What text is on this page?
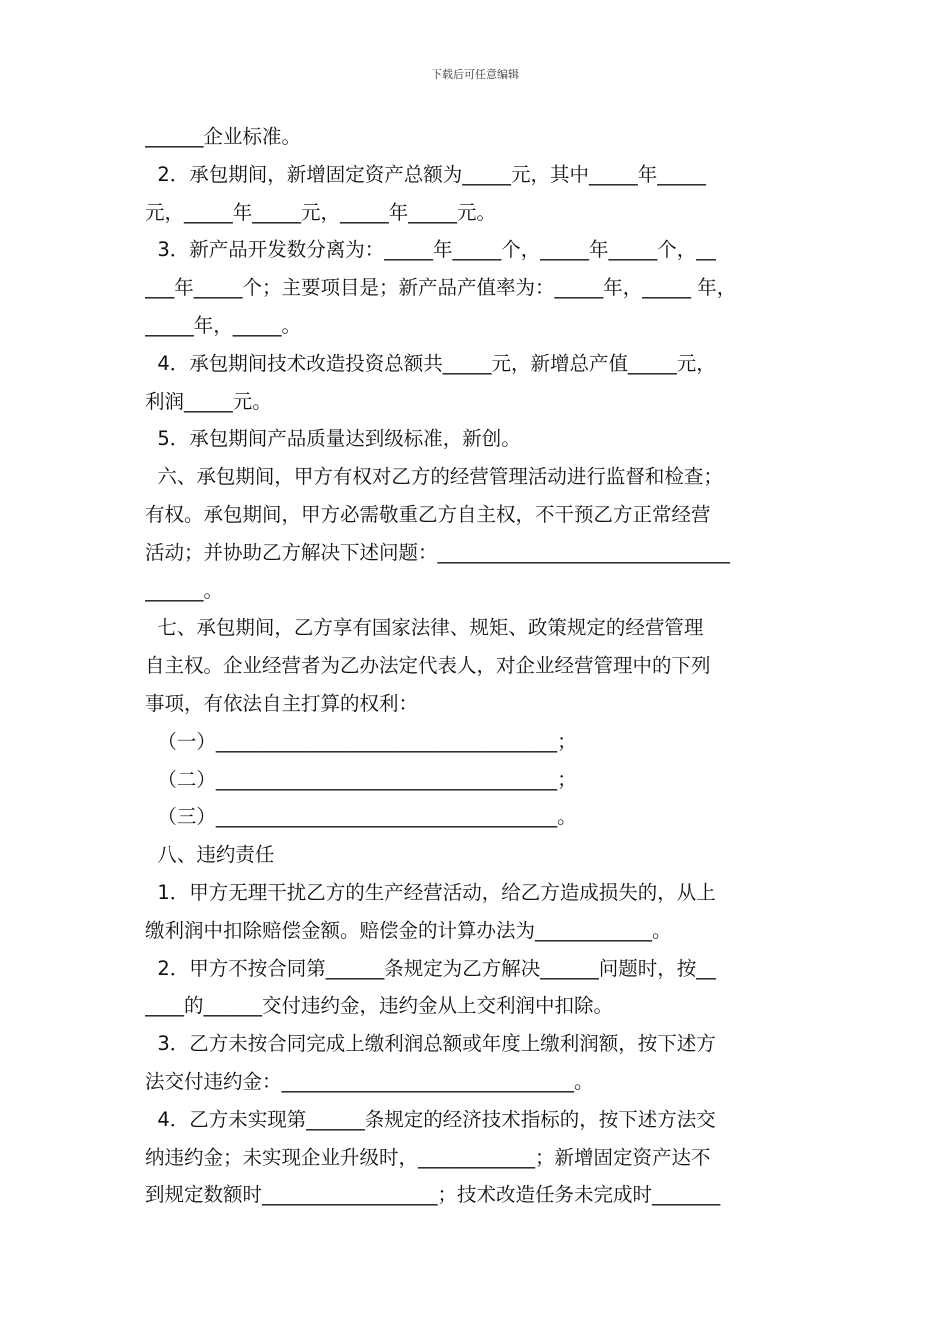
下载后可任意编辑
______企业标准。
2．承包期间，新增固定资产总额为_____元，其中_____年_____
元，_____年_____元，_____年_____元。
3．新产品开发数分离为：_____年_____个，_____年_____个，__
___年_____个；主要项目是；新产品产值率为：_____年，_____ 年，
_____年，_____。
4．承包期间技术改造投资总额共_____元，新增总产值_____元，
利润_____元。
5．承包期间产品质量达到级标准，新创。
六、承包期间，甲方有权对乙方的经营管理活动进行监督和检查；
有权。承包期间，甲方必需敬重乙方自主权，不干预乙方正常经营
活动；并协助乙方解决下述问题：______________________________
______。
七、承包期间，乙方享有国家法律、规矩、政策规定的经营管理
自主权。企业经营者为乙办法定代表人，对企业经营管理中的下列
事项，有依法自主打算的权利：
（一）___________________________________；
（二）___________________________________；
（三）___________________________________。
八、违约责任
1．甲方无理干扰乙方的生产经营活动，给乙方造成损失的，从上
缴利润中扣除赔偿金额。赔偿金的计算办法为____________。
2．甲方不按合同第______条规定为乙方解决______问题时，按__
____的______交付违约金，违约金从上交利润中扣除。
3．乙方未按合同完成上缴利润总额或年度上缴利润额，按下述方
法交付违约金：______________________________。
4．乙方未实现第______条规定的经济技术指标的，按下述方法交
纳违约金；未实现企业升级时，____________；新增固定资产达不
到规定数额时__________________；技术改造任务未完成时_______
